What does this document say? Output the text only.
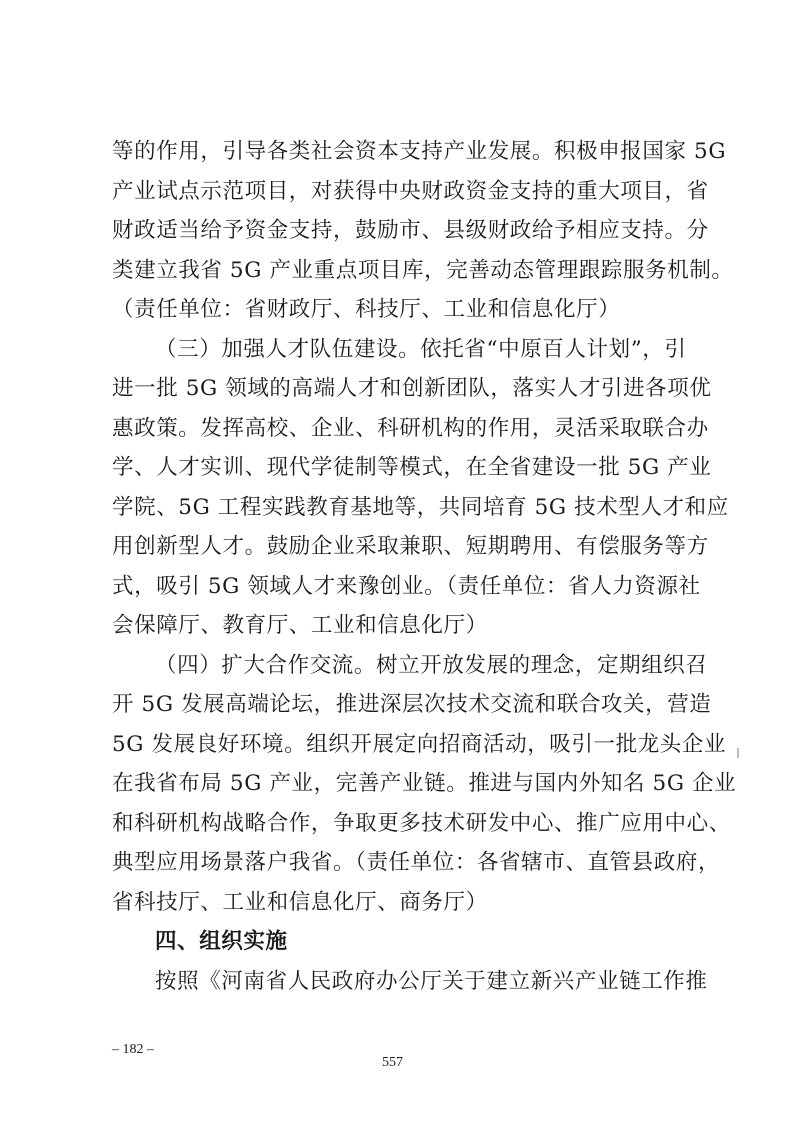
等的作用，引导各类社会资本支持产业发展。积极申报国家 5G
产业试点示范项目，对获得中央财政资金支持的重大项目，省
财政适当给予资金支持，鼓励市、县级财政给予相应支持。分
类建立我省 5G 产业重点项目库，完善动态管理跟踪服务机制。
（责任单位：省财政厅、科技厅、工业和信息化厅）
（三）加强人才队伍建设。依托省“中原百人计划”，引
进一批 5G 领域的高端人才和创新团队，落实人才引进各项优
惠政策。发挥高校、企业、科研机构的作用，灵活采取联合办
学、人才实训、现代学徒制等模式，在全省建设一批 5G 产业
学院、5G 工程实践教育基地等，共同培育 5G 技术型人才和应
用创新型人才。鼓励企业采取兼职、短期聘用、有偿服务等方
式，吸引 5G 领域人才来豫创业。（责任单位：省人力资源社
会保障厅、教育厅、工业和信息化厅）
（四）扩大合作交流。树立开放发展的理念，定期组织召
开 5G 发展高端论坛，推进深层次技术交流和联合攻关，营造
5G 发展良好环境。组织开展定向招商活动，吸引一批龙头企业
在我省布局 5G 产业，完善产业链。推进与国内外知名 5G 企业
和科研机构战略合作，争取更多技术研发中心、推广应用中心、
典型应用场景落户我省。（责任单位：各省辖市、直管县政府，
省科技厅、工业和信息化厅、商务厅）
四、组织实施
按照《河南省人民政府办公厅关于建立新兴产业链工作推
– 182 –
557
